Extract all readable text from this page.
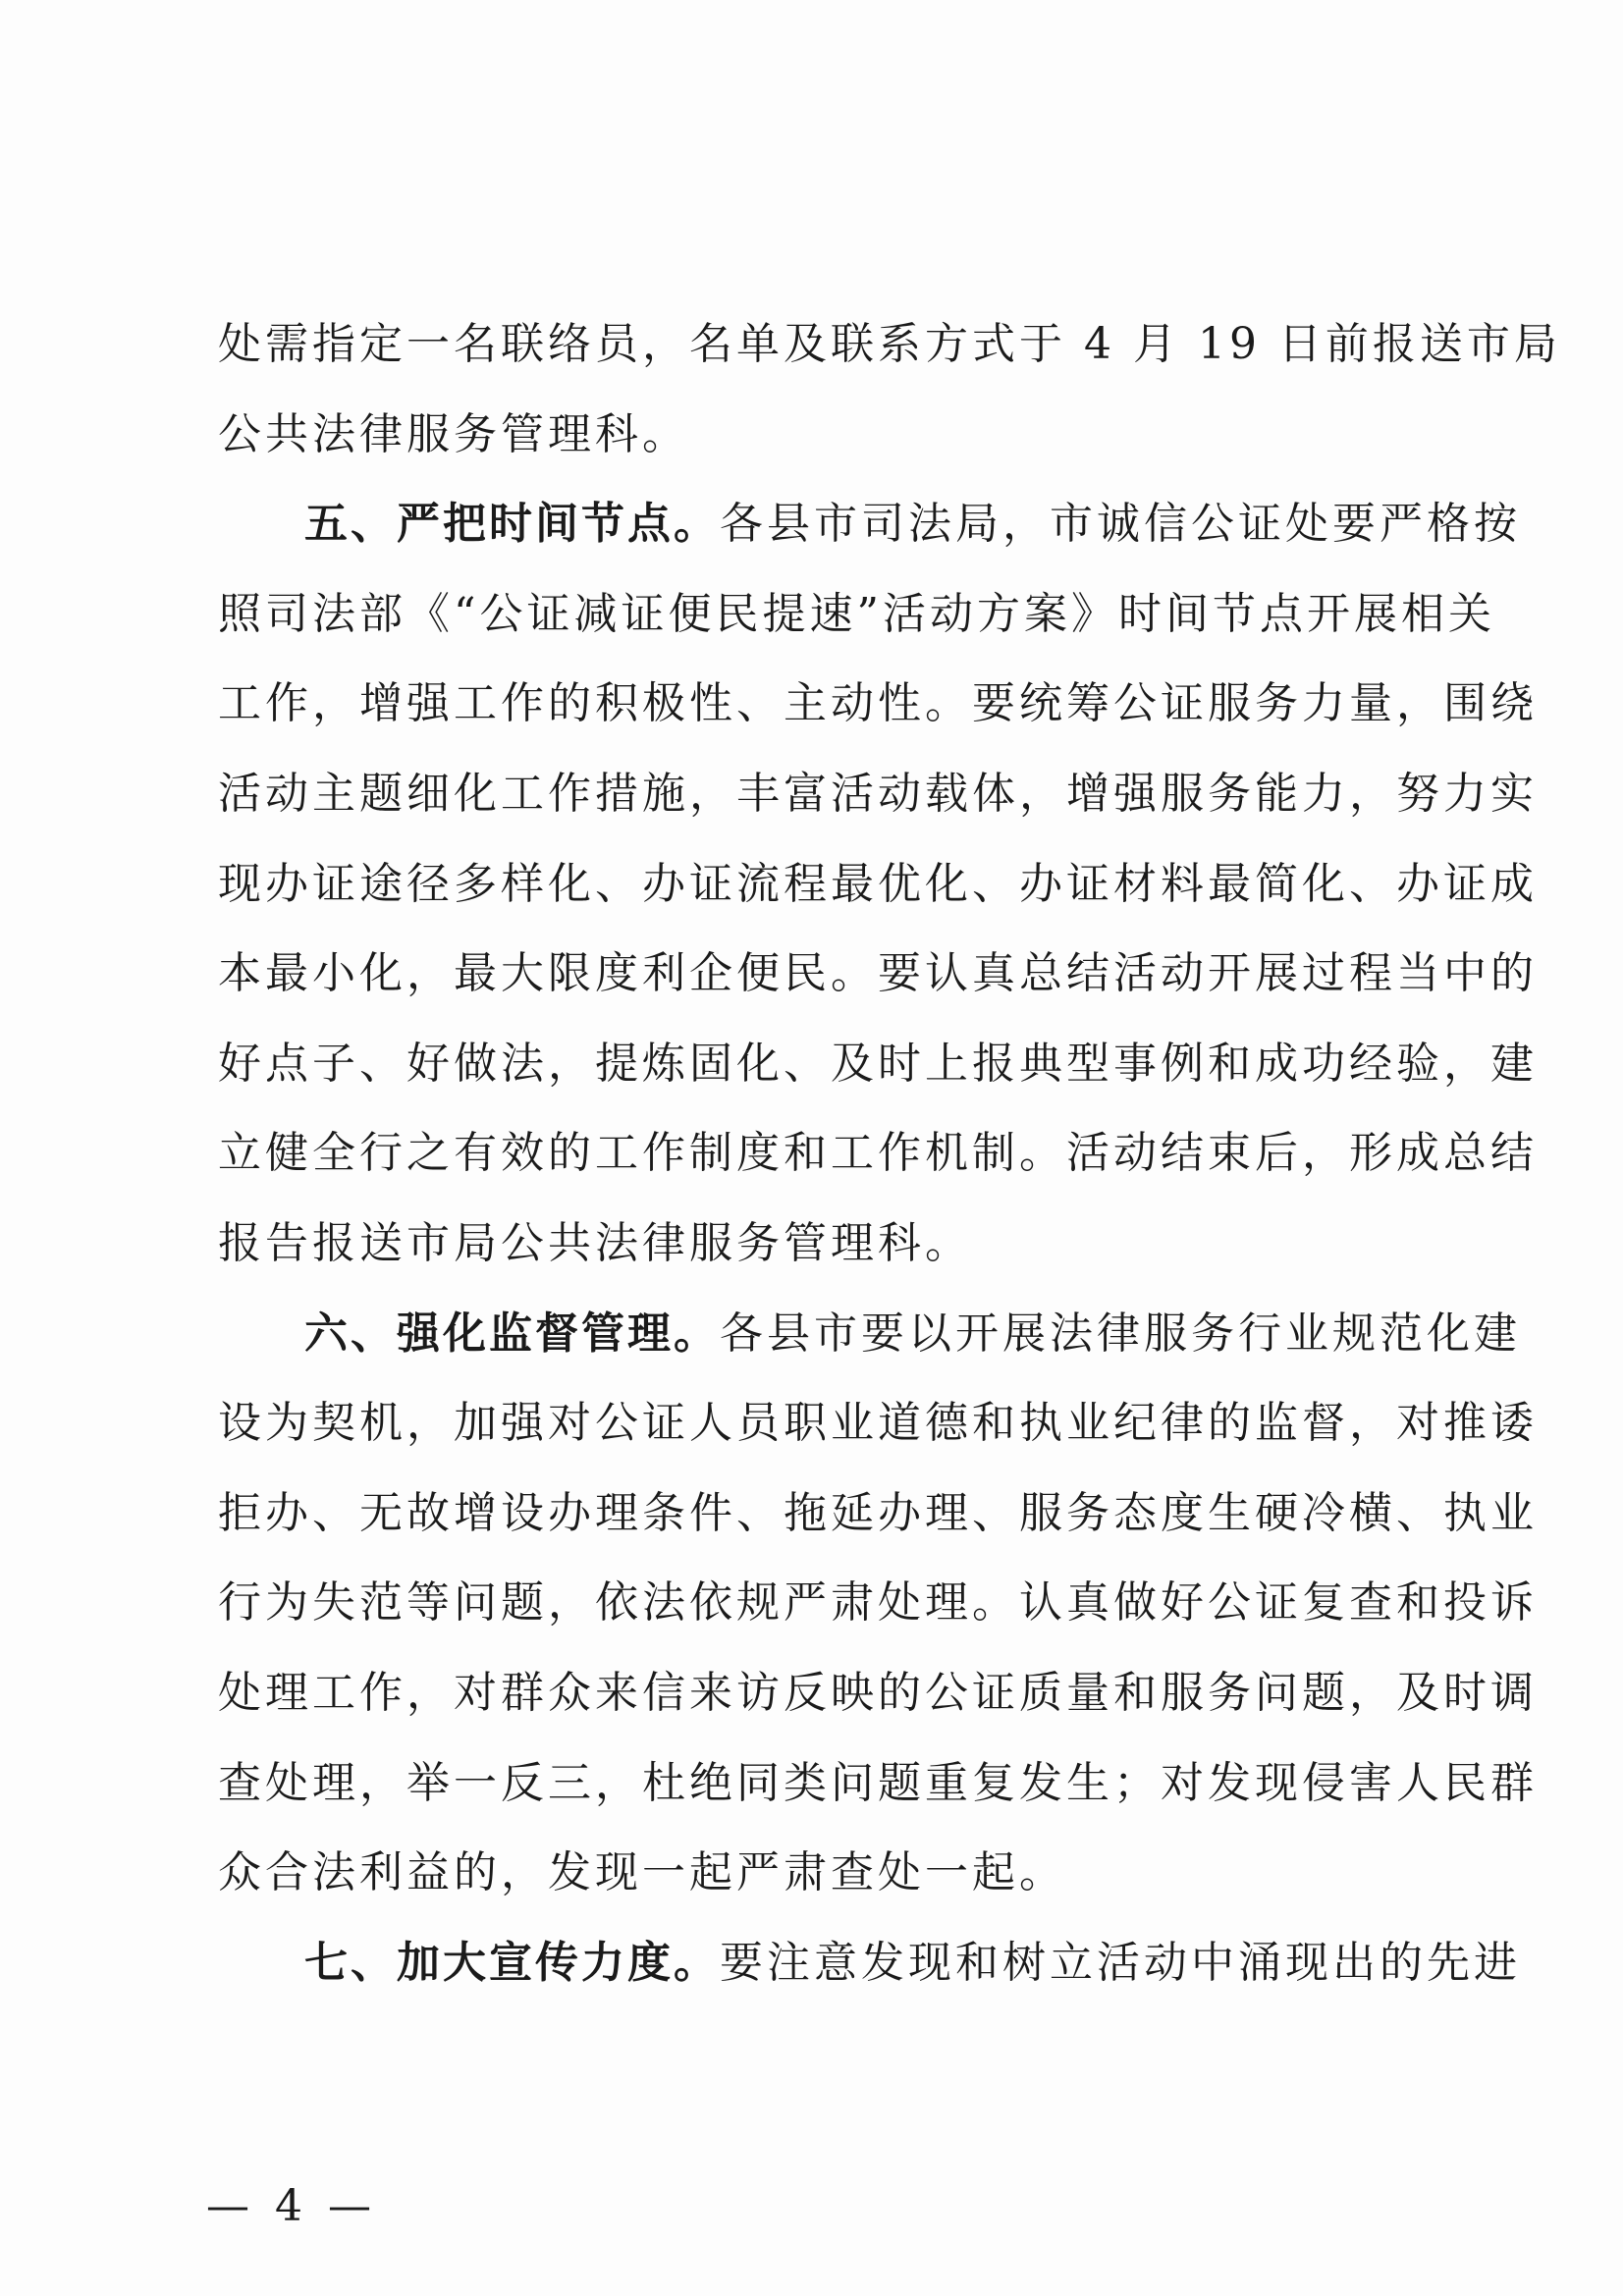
处需指定一名联络员，名单及联系方式于 4 月 19 日前报送市局
公共法律服务管理科。
五、严把时间节点。各县市司法局，市诚信公证处要严格按
照司法部《“公证减证便民提速”活动方案》时间节点开展相关
工作，增强工作的积极性、主动性。要统筹公证服务力量，围绕
活动主题细化工作措施，丰富活动载体，增强服务能力，努力实
现办证途径多样化、办证流程最优化、办证材料最简化、办证成
本最小化，最大限度利企便民。要认真总结活动开展过程当中的
好点子、好做法，提炼固化、及时上报典型事例和成功经验，建
立健全行之有效的工作制度和工作机制。活动结束后，形成总结
报告报送市局公共法律服务管理科。
六、强化监督管理。各县市要以开展法律服务行业规范化建
设为契机，加强对公证人员职业道德和执业纪律的监督，对推诿
拒办、无故增设办理条件、拖延办理、服务态度生硬冷横、执业
行为失范等问题，依法依规严肃处理。认真做好公证复查和投诉
处理工作，对群众来信来访反映的公证质量和服务问题，及时调
查处理，举一反三，杜绝同类问题重复发生；对发现侵害人民群
众合法利益的，发现一起严肃查处一起。
七、加大宣传力度。要注意发现和树立活动中涌现出的先进
— 4 —
